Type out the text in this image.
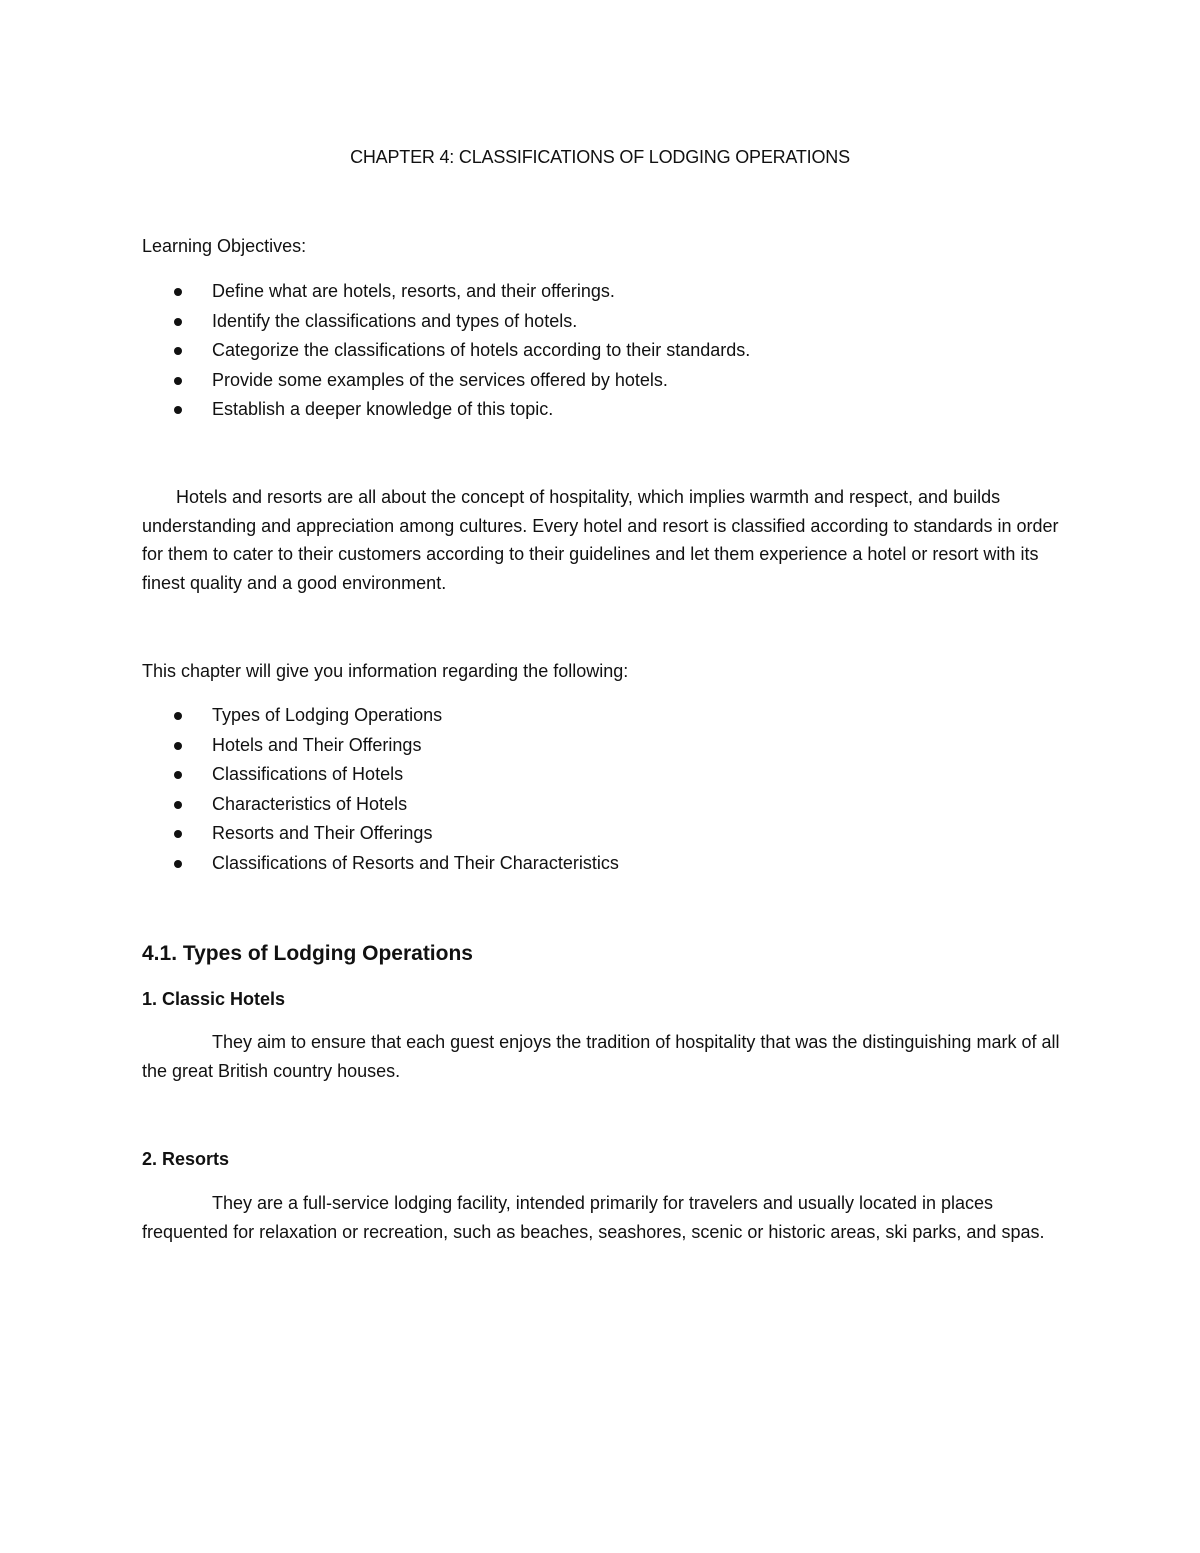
CHAPTER 4: CLASSIFICATIONS OF LODGING OPERATIONS
Learning Objectives:
Define what are hotels, resorts, and their offerings.
Identify the classifications and types of hotels.
Categorize the classifications of hotels according to their standards.
Provide some examples of the services offered by hotels.
Establish a deeper knowledge of this topic.

Hotels and resorts are all about the concept of hospitality, which implies warmth and respect, and builds understanding and appreciation among cultures. Every hotel and resort is classified according to standards in order for them to cater to their customers according to their guidelines and let them experience a hotel or resort with its finest quality and a good environment.

This chapter will give you information regarding the following:
Types of Lodging Operations
Hotels and Their Offerings
Classifications of Hotels
Characteristics of Hotels
Resorts and Their Offerings
Classifications of Resorts and Their Characteristics
4.1. Types of Lodging Operations
1. Classic Hotels

They aim to ensure that each guest enjoys the tradition of hospitality that was the distinguishing mark of all the great British country houses.

2. Resorts

They are a full-service lodging facility, intended primarily for travelers and usually located in places frequented for relaxation or recreation, such as beaches, seashores, scenic or historic areas, ski parks, and spas.
